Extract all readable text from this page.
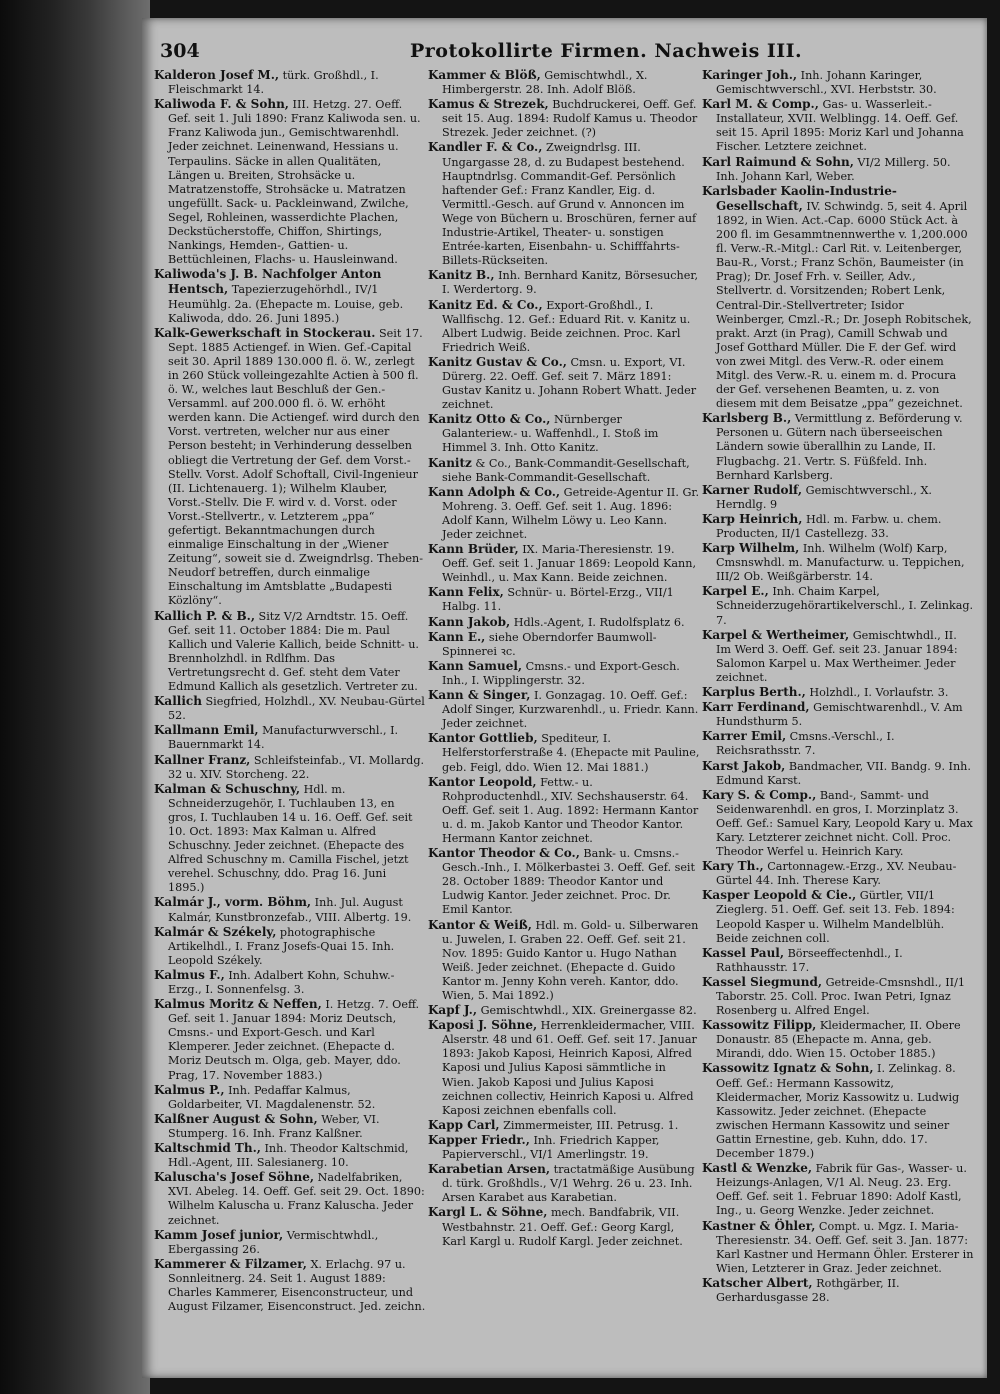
304	Protokollirte Firmen. Nachweis III.

Kalderon Josef M., türk. Großhdl., I. Fleischmarkt 14.

Kaliwoda F. & Sohn, III. Hetzg. 27. Oeff. Gef. seit 1. Juli 1890: Franz Kaliwoda sen. u. Franz Kaliwoda jun., Gemischtwarenhdl. Jeder zeichnet. Leinenwand, Hessians u. Terpaulins. Säcke in allen Qualitäten, Längen u. Breiten, Strohsäcke u. Matratzenstoffe, Strohsäcke u. Matratzen ungefüllt. Sack- u. Packleinwand, Zwilche, Segel, Rohleinen, wasserdichte Plachen, Deckstücherstoffe, Chiffon, Shirtings, Nankings, Hemden-, Gattien- u. Bettüchleinen, Flachs- u. Hausleinwand.

Kaliwoda's J. B. Nachfolger Anton Hentsch, Tapezierzugehörhdl., IV/1 Heumühlg. 2a. (Ehepacte m. Louise, geb. Kaliwoda, ddo. 26. Juni 1895.)

Kalk-Gewerkschaft in Stockerau. Seit 17. Sept. 1885 Actiengef. in Wien. Gef.-Capital seit 30. April 1889 130.000 fl. ö. W., zerlegt in 260 Stück volleingezahlte Actien à 500 fl. ö. W., welches laut Beschluß der Gen.-Versamml. auf 200.000 fl. ö. W. erhöht werden kann. Die Actiengef. wird durch den Vorst. vertreten, welcher nur aus einer Person besteht; in Verhinderung desselben obliegt die Vertretung der Gef. dem Vorst.-Stellv. Vorst. Adolf Schoftall, Civil-Ingenieur (II. Lichtenauerg. 1); Wilhelm Klauber, Vorst.-Stellv. Die F. wird v. d. Vorst. oder Vorst.-Stellvertr., v. Letzterem „ppa“ gefertigt. Bekanntmachungen durch einmalige Einschaltung in der „Wiener Zeitung“, soweit sie d. Zweigndrlsg. Theben-Neudorf betreffen, durch einmalige Einschaltung im Amtsblatte „Budapesti Közlöny“.

Kallich P. & B., Sitz V/2 Arndtstr. 15. Oeff. Gef. seit 11. October 1884: Die m. Paul Kallich und Valerie Kallich, beide Schnitt- u. Brennholzhdl. in Rdlfhm. Das Vertretungsrecht d. Gef. steht dem Vater Edmund Kallich als gesetzlich. Vertreter zu.

Kallich Siegfried, Holzhdl., XV. Neubau-Gürtel 52.

Kallmann Emil, Manufacturwverschl., I. Bauernmarkt 14.

Kallner Franz, Schleifsteinfab., VI. Mollardg. 32 u. XIV. Storcheng. 22.

Kalman & Schuschny, Hdl. m. Schneiderzugehör, I. Tuchlauben 13, en gros, I. Tuchlauben 14 u. 16. Oeff. Gef. seit 10. Oct. 1893: Max Kalman u. Alfred Schuschny. Jeder zeichnet. (Ehepacte des Alfred Schuschny m. Camilla Fischel, jetzt verehel. Schuschny, ddo. Prag 16. Juni 1895.)

Kalmár J., vorm. Böhm, Inh. Jul. August Kalmár, Kunstbronzefab., VIII. Albertg. 19.

Kalmár & Székely, photographische Artikelhdl., I. Franz Josefs-Quai 15. Inh. Leopold Székely.

Kalmus F., Inh. Adalbert Kohn, Schuhw.-Erzg., I. Sonnenfelsg. 3.

Kalmus Moritz & Neffen, I. Hetzg. 7. Oeff. Gef. seit 1. Januar 1894: Moriz Deutsch, Cmsns.- und Export-Gesch. und Karl Klemperer. Jeder zeichnet. (Ehepacte d. Moriz Deutsch m. Olga, geb. Mayer, ddo. Prag, 17. November 1883.)

Kalmus P., Inh. Pedaffar Kalmus, Goldarbeiter, VI. Magdalenenstr. 52.

Kalßner August & Sohn, Weber, VI. Stumperg. 16. Inh. Franz Kalßner.

Kaltschmid Th., Inh. Theodor Kaltschmid, Hdl.-Agent, III. Salesianerg. 10.

Kaluscha's Josef Söhne, Nadelfabriken, XVI. Abeleg. 14. Oeff. Gef. seit 29. Oct. 1890: Wilhelm Kaluscha u. Franz Kaluscha. Jeder zeichnet.

Kamm Josef junior, Vermischtwhdl., Ebergassing 26.

Kammerer & Filzamer, X. Erlachg. 97 u. Sonnleitnerg. 24. Seit 1. August 1889: Charles Kammerer, Eisenconstructeur, und August Filzamer, Eisenconstruct. Jed. zeichn.

Kammer & Blöß, Gemischtwhdl., X. Himbergerstr. 28. Inh. Adolf Blöß.

Kamus & Strezek, Buchdruckerei, Oeff. Gef. seit 15. Aug. 1894: Rudolf Kamus u. Theodor Strezek. Jeder zeichnet. (?)

Kandler F. & Co., Zweigndrlsg. III. Ungargasse 28, d. zu Budapest bestehend. Hauptndrlsg. Commandit-Gef. Persönlich haftender Gef.: Franz Kandler, Eig. d. Vermittl.-Gesch. auf Grund v. Annoncen im Wege von Büchern u. Broschüren, ferner auf Industrie-Artikel, Theater- u. sonstigen Entrée-karten, Eisenbahn- u. Schifffahrts-Billets-Rückseiten.

Kanitz B., Inh. Bernhard Kanitz, Börsesucher, I. Werdertorg. 9.

Kanitz Ed. & Co., Export-Großhdl., I. Wallfischg. 12. Gef.: Eduard Rit. v. Kanitz u. Albert Ludwig. Beide zeichnen. Proc. Karl Friedrich Weiß.

Kanitz Gustav & Co., Cmsn. u. Export, VI. Dürerg. 22. Oeff. Gef. seit 7. März 1891: Gustav Kanitz u. Johann Robert Whatt. Jeder zeichnet.

Kanitz Otto & Co., Nürnberger Galanteriew.- u. Waffenhdl., I. Stoß im Himmel 3. Inh. Otto Kanitz.

Kanitz & Co., Bank-Commandit-Gesellschaft, siehe Bank-Commandit-Gesellschaft.

Kann Adolph & Co., Getreide-Agentur II. Gr. Mohreng. 3. Oeff. Gef. seit 1. Aug. 1896: Adolf Kann, Wilhelm Löwy u. Leo Kann. Jeder zeichnet.

Kann Brüder, IX. Maria-Theresienstr. 19. Oeff. Gef. seit 1. Januar 1869: Leopold Kann, Weinhdl., u. Max Kann. Beide zeichnen.

Kann Felix, Schnür- u. Börtel-Erzg., VII/1 Halbg. 11.

Kann Jakob, Hdls.-Agent, I. Rudolfsplatz 6.

Kann E., siehe Oberndorfer Baumwoll-Spinnerei ꝛc.

Kann Samuel, Cmsns.- und Export-Gesch. Inh., I. Wipplingerstr. 32.

Kann & Singer, I. Gonzagag. 10. Oeff. Gef.: Adolf Singer, Kurzwarenhdl., u. Friedr. Kann. Jeder zeichnet.

Kantor Gottlieb, Spediteur, I. Helferstorferstraße 4. (Ehepacte mit Pauline, geb. Feigl, ddo. Wien 12. Mai 1881.)

Kantor Leopold, Fettw.- u. Rohproductenhdl., XIV. Sechshauserstr. 64. Oeff. Gef. seit 1. Aug. 1892: Hermann Kantor u. d. m. Jakob Kantor und Theodor Kantor. Hermann Kantor zeichnet.

Kantor Theodor & Co., Bank- u. Cmsns.-Gesch.-Inh., I. Mölkerbastei 3. Oeff. Gef. seit 28. October 1889: Theodor Kantor und Ludwig Kantor. Jeder zeichnet. Proc. Dr. Emil Kantor.

Kantor & Weiß, Hdl. m. Gold- u. Silberwaren u. Juwelen, I. Graben 22. Oeff. Gef. seit 21. Nov. 1895: Guido Kantor u. Hugo Nathan Weiß. Jeder zeichnet. (Ehepacte d. Guido Kantor m. Jenny Kohn vereh. Kantor, ddo. Wien, 5. Mai 1892.)

Kapf J., Gemischtwhdl., XIX. Greinergasse 82.

Kaposi J. Söhne, Herrenkleidermacher, VIII. Alserstr. 48 und 61. Oeff. Gef. seit 17. Januar 1893: Jakob Kaposi, Heinrich Kaposi, Alfred Kaposi und Julius Kaposi sämmtliche in Wien. Jakob Kaposi und Julius Kaposi zeichnen collectiv, Heinrich Kaposi u. Alfred Kaposi zeichnen ebenfalls coll.

Kapp Carl, Zimmermeister, III. Petrusg. 1.

Kapper Friedr., Inh. Friedrich Kapper, Papierverschl., VI/1 Amerlingstr. 19.

Karabetian Arsen, tractatmäßige Ausübung d. türk. Großhdls., V/1 Wehrg. 26 u. 23. Inh. Arsen Karabet aus Karabetian.

Kargl L. & Söhne, mech. Bandfabrik, VII. Westbahnstr. 21. Oeff. Gef.: Georg Kargl, Karl Kargl u. Rudolf Kargl. Jeder zeichnet.

Karinger Joh., Inh. Johann Karinger, Gemischtwverschl., XVI. Herbststr. 30.

Karl M. & Comp., Gas- u. Wasserleit.-Installateur, XVII. Welblingg. 14. Oeff. Gef. seit 15. April 1895: Moriz Karl und Johanna Fischer. Letztere zeichnet.

Karl Raimund & Sohn, VI/2 Millerg. 50. Inh. Johann Karl, Weber.

Karlsbader Kaolin-Industrie-Gesellschaft, IV. Schwindg. 5, seit 4. April 1892, in Wien. Act.-Cap. 6000 Stück Act. à 200 fl. im Gesammtnennwerthe v. 1,200.000 fl. Verw.-R.-Mitgl.: Carl Rit. v. Leitenberger, Bau-R., Vorst.; Franz Schön, Baumeister (in Prag); Dr. Josef Frh. v. Seiller, Adv., Stellvertr. d. Vorsitzenden; Robert Lenk, Central-Dir.-Stellvertreter; Isidor Weinberger, Cmzl.-R.; Dr. Joseph Robitschek, prakt. Arzt (in Prag), Camill Schwab und Josef Gotthard Müller. Die F. der Gef. wird von zwei Mitgl. des Verw.-R. oder einem Mitgl. des Verw.-R. u. einem m. d. Procura der Gef. versehenen Beamten, u. z. von diesem mit dem Beisatze „ppa“ gezeichnet.

Karlsberg B., Vermittlung z. Beförderung v. Personen u. Gütern nach überseeischen Ländern sowie überallhin zu Lande, II. Flugbachg. 21. Vertr. S. Füßfeld. Inh. Bernhard Karlsberg.

Karner Rudolf, Gemischtwverschl., X. Herndlg. 9

Karp Heinrich, Hdl. m. Farbw. u. chem. Producten, II/1 Castellezg. 33.

Karp Wilhelm, Inh. Wilhelm (Wolf) Karp, Cmsnswhdl. m. Manufacturw. u. Teppichen, III/2 Ob. Weißgärberstr. 14.

Karpel E., Inh. Chaim Karpel, Schneiderzugehörartikelverschl., I. Zelinkag. 7.

Karpel & Wertheimer, Gemischtwhdl., II. Im Werd 3. Oeff. Gef. seit 23. Januar 1894: Salomon Karpel u. Max Wertheimer. Jeder zeichnet.

Karplus Berth., Holzhdl., I. Vorlaufstr. 3.

Karr Ferdinand, Gemischtwarenhdl., V. Am Hundsthurm 5.

Karrer Emil, Cmsns.-Verschl., I. Reichsrathsstr. 7.

Karst Jakob, Bandmacher, VII. Bandg. 9. Inh. Edmund Karst.

Kary S. & Comp., Band-, Sammt- und Seidenwarenhdl. en gros, I. Morzinplatz 3. Oeff. Gef.: Samuel Kary, Leopold Kary u. Max Kary. Letzterer zeichnet nicht. Coll. Proc. Theodor Werfel u. Heinrich Kary.

Kary Th., Cartonnagew.-Erzg., XV. Neubau-Gürtel 44. Inh. Therese Kary.

Kasper Leopold & Cie., Gürtler, VII/1 Zieglerg. 51. Oeff. Gef. seit 13. Feb. 1894: Leopold Kasper u. Wilhelm Mandelblüh. Beide zeichnen coll.

Kassel Paul, Börseeffectenhdl., I. Rathhausstr. 17.

Kassel Siegmund, Getreide-Cmsnshdl., II/1 Taborstr. 25. Coll. Proc. Iwan Petri, Ignaz Rosenberg u. Alfred Engel.

Kassowitz Filipp, Kleidermacher, II. Obere Donaustr. 85 (Ehepacte m. Anna, geb. Mirandi, ddo. Wien 15. October 1885.)

Kassowitz Ignatz & Sohn, I. Zelinkag. 8. Oeff. Gef.: Hermann Kassowitz, Kleidermacher, Moriz Kassowitz u. Ludwig Kassowitz. Jeder zeichnet. (Ehepacte zwischen Hermann Kassowitz und seiner Gattin Ernestine, geb. Kuhn, ddo. 17. December 1879.)

Kastl & Wenzke, Fabrik für Gas-, Wasser- u. Heizungs-Anlagen, V/1 Al. Neug. 23. Erg. Oeff. Gef. seit 1. Februar 1890: Adolf Kastl, Ing., u. Georg Wenzke. Jeder zeichnet.

Kastner & Öhler, Compt. u. Mgz. I. Maria-Theresienstr. 34. Oeff. Gef. seit 3. Jan. 1877: Karl Kastner und Hermann Öhler. Ersterer in Wien, Letzterer in Graz. Jeder zeichnet.

Katscher Albert, Rothgärber, II. Gerhardusgasse 28.
